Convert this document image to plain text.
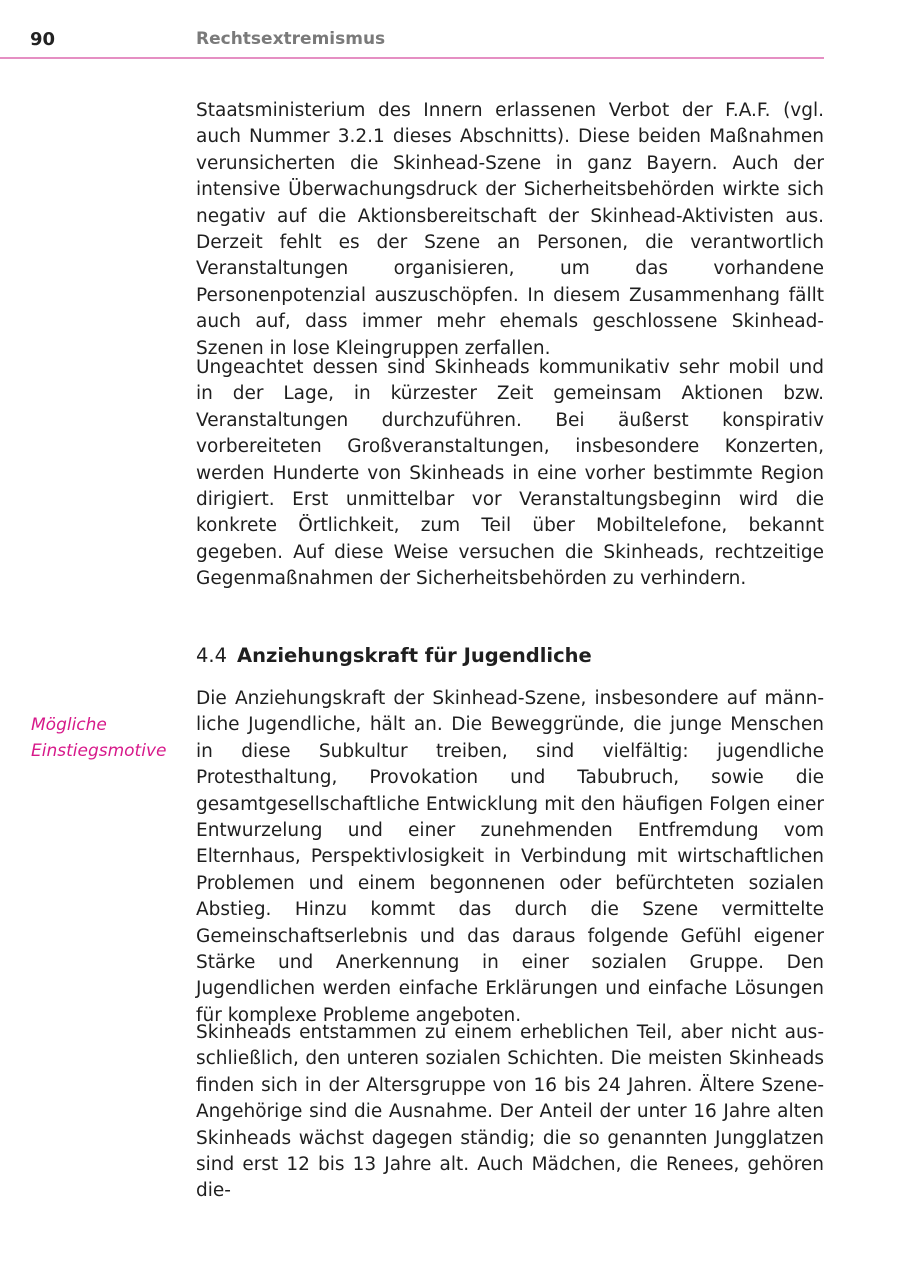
90	Rechtsextremismus

Staatsministerium des Innern erlassenen Verbot der F.A.F. (vgl. auch Nummer 3.2.1 dieses Abschnitts). Diese beiden Maßnahmen verunsicherten die Skinhead-Szene in ganz Bayern. Auch der intensive Überwachungsdruck der Sicherheitsbehörden wirkte sich negativ auf die Aktionsbereitschaft der Skinhead-Aktivisten aus. Derzeit fehlt es der Szene an Personen, die verantwortlich Veranstaltungen organisieren, um das vorhandene Personenpotenzial auszuschöpfen. In diesem Zusammenhang fällt auch auf, dass immer mehr ehemals geschlossene Skinhead-Szenen in lose Kleingruppen zerfallen.

Ungeachtet dessen sind Skinheads kommunikativ sehr mobil und in der Lage, in kürzester Zeit gemeinsam Aktionen bzw. Veranstaltungen durchzuführen. Bei äußerst konspirativ vorbereiteten Großveranstaltungen, insbesondere Konzerten, werden Hunderte von Skinheads in eine vorher bestimmte Region dirigiert. Erst unmittelbar vor Veranstaltungsbeginn wird die konkrete Örtlichkeit, zum Teil über Mobiltelefone, bekannt gegeben. Auf diese Weise versuchen die Skinheads, rechtzeitige Gegenmaßnahmen der Sicherheitsbehörden zu verhindern.

4.4 Anziehungskraft für Jugendliche
Mögliche
Einstiegsmotive

Die Anziehungskraft der Skinhead-Szene, insbesondere auf männliche Jugendliche, hält an. Die Beweggründe, die junge Menschen in diese Subkultur treiben, sind vielfältig: jugendliche Protesthaltung, Provokation und Tabubruch, sowie die gesamtgesellschaftliche Entwicklung mit den häufigen Folgen einer Entwurzelung und einer zunehmenden Entfremdung vom Elternhaus, Perspektivlosigkeit in Verbindung mit wirtschaftlichen Problemen und einem begonnenen oder befürchteten sozialen Abstieg. Hinzu kommt das durch die Szene vermittelte Gemeinschaftserlebnis und das daraus folgende Gefühl eigener Stärke und Anerkennung in einer sozialen Gruppe. Den Jugendlichen werden einfache Erklärungen und einfache Lösungen für komplexe Probleme angeboten.

Skinheads entstammen zu einem erheblichen Teil, aber nicht ausschließlich, den unteren sozialen Schichten. Die meisten Skinheads finden sich in der Altersgruppe von 16 bis 24 Jahren. Ältere Szene-Angehörige sind die Ausnahme. Der Anteil der unter 16 Jahre alten Skinheads wächst dagegen ständig; die so genannten Jungglatzen sind erst 12 bis 13 Jahre alt. Auch Mädchen, die Renees, gehören die-
